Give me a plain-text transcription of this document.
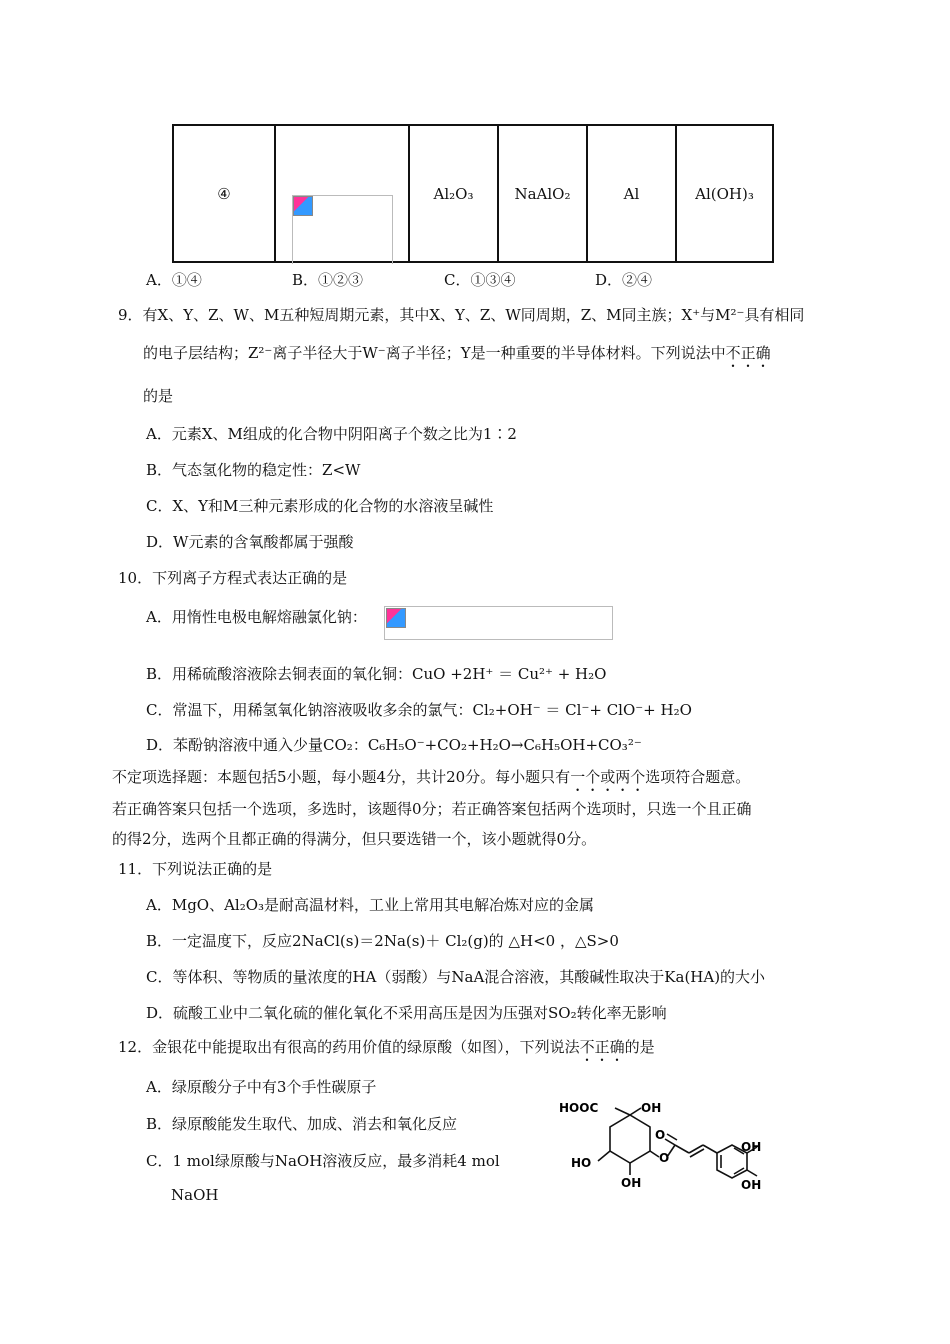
④		Al₂O₃	NaAlO₂	Al	Al(OH)₃
A．①④	B．①②③	C．①③④	D．②④
9．有X、Y、Z、W、M五种短周期元素，其中X、Y、Z、W同周期，Z、M同主族；X⁺与M²⁻具有相同
的电子层结构；Z²⁻离子半径大于W⁻离子半径；Y是一种重要的半导体材料。下列说法中不正确
的是
A．元素X、M组成的化合物中阴阳离子个数之比为1∶2
B．气态氢化物的稳定性：Z<W
C．X、Y和M三种元素形成的化合物的水溶液呈碱性
D．W元素的含氧酸都属于强酸
10．下列离子方程式表达正确的是
A．用惰性电极电解熔融氯化钠：
B．用稀硫酸溶液除去铜表面的氧化铜：CuO +2H⁺ ＝ Cu²⁺ + H₂O
C．常温下，用稀氢氧化钠溶液吸收多余的氯气：Cl₂+OH⁻ ＝ Cl⁻+ ClO⁻+ H₂O
D．苯酚钠溶液中通入少量CO₂：C₆H₅O⁻+CO₂+H₂O→C₆H₅OH+CO₃²⁻
不定项选择题：本题包括5小题，每小题4分，共计20分。每小题只有一个或两个选项符合题意。
若正确答案只包括一个选项，多选时，该题得0分；若正确答案包括两个选项时，只选一个且正确
的得2分，选两个且都正确的得满分，但只要选错一个，该小题就得0分。
11．下列说法正确的是
A．MgO、Al₂O₃是耐高温材料，工业上常用其电解冶炼对应的金属
B．一定温度下，反应2NaCl(s)＝2Na(s)＋ Cl₂(g)的 △H<0 ，△S>0
C．等体积、等物质的量浓度的HA（弱酸）与NaA混合溶液，其酸碱性取决于Ka(HA)的大小
D．硫酸工业中二氧化硫的催化氧化不采用高压是因为压强对SO₂转化率无影响
12．金银花中能提取出有很高的药用价值的绿原酸（如图），下列说法不正确的是
A．绿原酸分子中有3个手性碳原子
B．绿原酸能发生取代、加成、消去和氧化反应
C．1 mol绿原酸与NaOH溶液反应，最多消耗4 mol
NaOH
HOOC	OH
HO
OH
O
O
OH
OH
